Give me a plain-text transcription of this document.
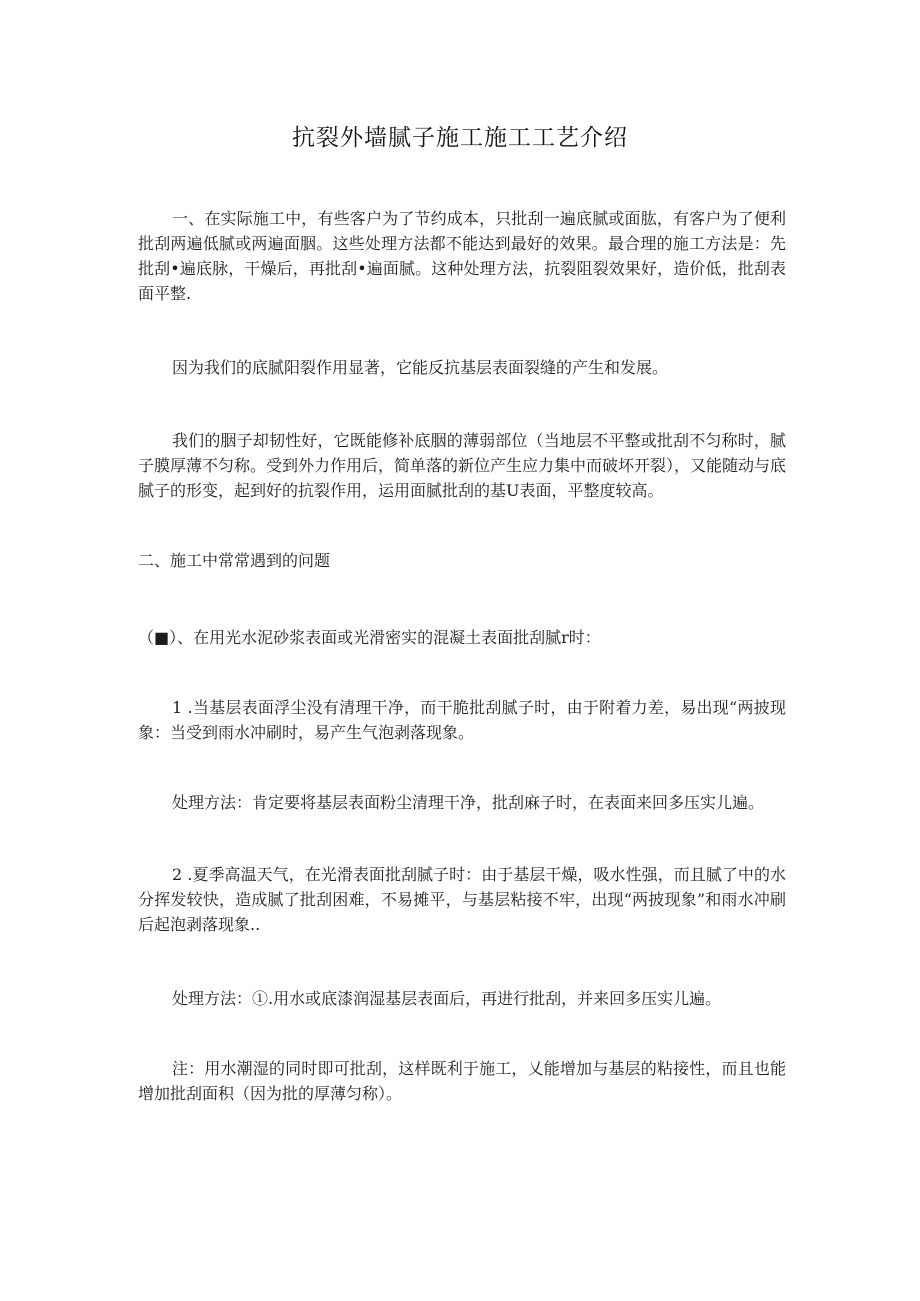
抗裂外墙腻子施工施工工艺介绍

一、在实际施工中，有些客户为了节约成本，只批刮一遍底腻或面肱，有客户为了便利批刮两遍低腻或两遍面胭。这些处理方法都不能达到最好的效果。最合理的施工方法是：先批刮•遍底脉，干燥后，再批刮•遍面腻。这种处理方法，抗裂阻裂效果好，造价低，批刮表面平整.

因为我们的底腻阳裂作用显著，它能反抗基层表面裂缝的产生和发展。

我们的胭子却韧性好，它既能修补底胭的薄弱部位（当地层不平整或批刮不匀称时，腻子膜厚薄不匀称。受到外力作用后，简单落的新位产生应力集中而破坏开裂），又能随动与底腻子的形变，起到好的抗裂作用，运用面腻批刮的基U表面，平整度较高。

二、施工中常常遇到的问题

（■）、在用光水泥砂浆表面或光滑密实的混凝土表面批刮腻r时：

1 .当基层表面浮尘没有清理干净，而干脆批刮腻子时，由于附着力差，易出现“两披现象：当受到雨水冲刷时，易产生气泡剥落现象。

处理方法：肯定要将基层表面粉尘清理干净，批刮麻子时，在表面来回多压实儿遍。

2 .夏季高温天气，在光滑表面批刮腻子时：由于基层干燥，吸水性强，而且腻了中的水分挥发较快，造成腻了批刮困难，不易摊平，与基层粘接不牢，出现“两披现象”和雨水冲刷后起泡剥落现象..

处理方法：①.用水或底漆润湿基层表面后，再进行批刮，并来回多压实儿遍。

注：用水潮湿的同时即可批刮，这样既利于施工，乂能增加与基层的粘接性，而且也能增加批刮面积（因为批的厚薄匀称）。
